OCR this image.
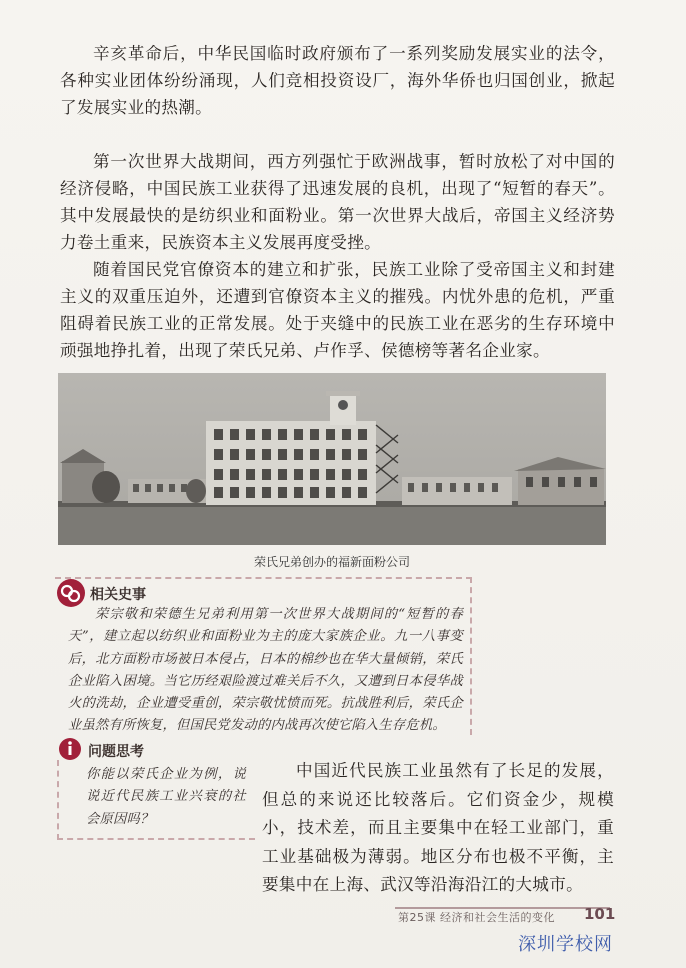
辛亥革命后，中华民国临时政府颁布了一系列奖励发展实业的法令，各种实业团体纷纷涌现，人们竞相投资设厂，海外华侨也归国创业，掀起了发展实业的热潮。

第一次世界大战期间，西方列强忙于欧洲战事，暂时放松了对中国的经济侵略，中国民族工业获得了迅速发展的良机，出现了“短暂的春天”。其中发展最快的是纺织业和面粉业。第一次世界大战后，帝国主义经济势力卷土重来，民族资本主义发展再度受挫。

随着国民党官僚资本的建立和扩张，民族工业除了受帝国主义和封建主义的双重压迫外，还遭到官僚资本主义的摧残。内忧外患的危机，严重阻碍着民族工业的正常发展。处于夹缝中的民族工业在恶劣的生存环境中顽强地挣扎着，出现了荣氏兄弟、卢作孚、侯德榜等著名企业家。

荣氏兄弟创办的福新面粉公司
相关史事

荣宗敬和荣德生兄弟利用第一次世界大战期间的“短暂的春天”，建立起以纺织业和面粉业为主的庞大家族企业。九一八事变后，北方面粉市场被日本侵占，日本的棉纱也在华大量倾销，荣氏企业陷入困境。当它历经艰险渡过难关后不久，又遭到日本侵华战火的洗劫，企业遭受重创，荣宗敬忧愤而死。抗战胜利后，荣氏企业虽然有所恢复，但国民党发动的内战再次使它陷入生存危机。

问题思考

你能以荣氏企业为例，说说近代民族工业兴衰的社会原因吗？

中国近代民族工业虽然有了长足的发展，但总的来说还比较落后。它们资金少，规模小，技术差，而且主要集中在轻工业部门，重工业基础极为薄弱。地区分布也极不平衡，主要集中在上海、武汉等沿海沿江的大城市。

第25课 经济和社会生活的变化 101
深圳学校网
